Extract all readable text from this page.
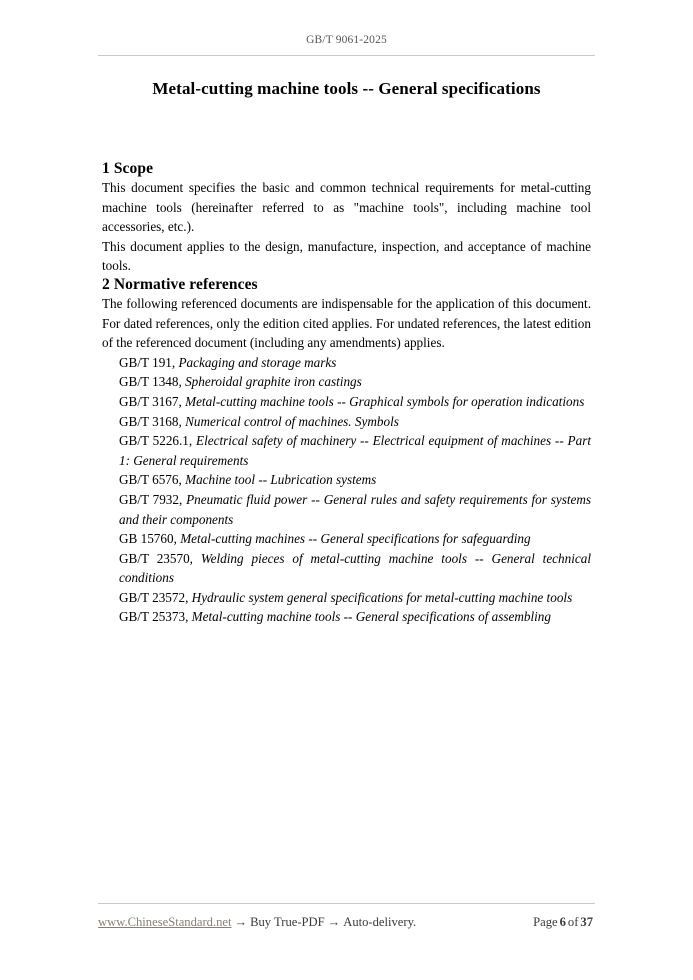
GB/T 9061-2025
Metal-cutting machine tools -- General specifications
1 Scope

This document specifies the basic and common technical requirements for metal-cutting machine tools (hereinafter referred to as "machine tools", including machine tool accessories, etc.).

This document applies to the design, manufacture, inspection, and acceptance of machine tools.

2 Normative references

The following referenced documents are indispensable for the application of this document. For dated references, only the edition cited applies. For undated references, the latest edition of the referenced document (including any amendments) applies.

GB/T 191, Packaging and storage marks
GB/T 1348, Spheroidal graphite iron castings
GB/T 3167, Metal-cutting machine tools -- Graphical symbols for operation indications
GB/T 3168, Numerical control of machines. Symbols
GB/T 5226.1, Electrical safety of machinery -- Electrical equipment of machines -- Part 1: General requirements
GB/T 6576, Machine tool -- Lubrication systems
GB/T 7932, Pneumatic fluid power -- General rules and safety requirements for systems and their components
GB 15760, Metal-cutting machines -- General specifications for safeguarding
GB/T 23570, Welding pieces of metal-cutting machine tools -- General technical conditions
GB/T 23572, Hydraulic system general specifications for metal-cutting machine tools
GB/T 25373, Metal-cutting machine tools -- General specifications of assembling
www.ChineseStandard.net → Buy True-PDF → Auto-delivery.	Page 6 of 37
